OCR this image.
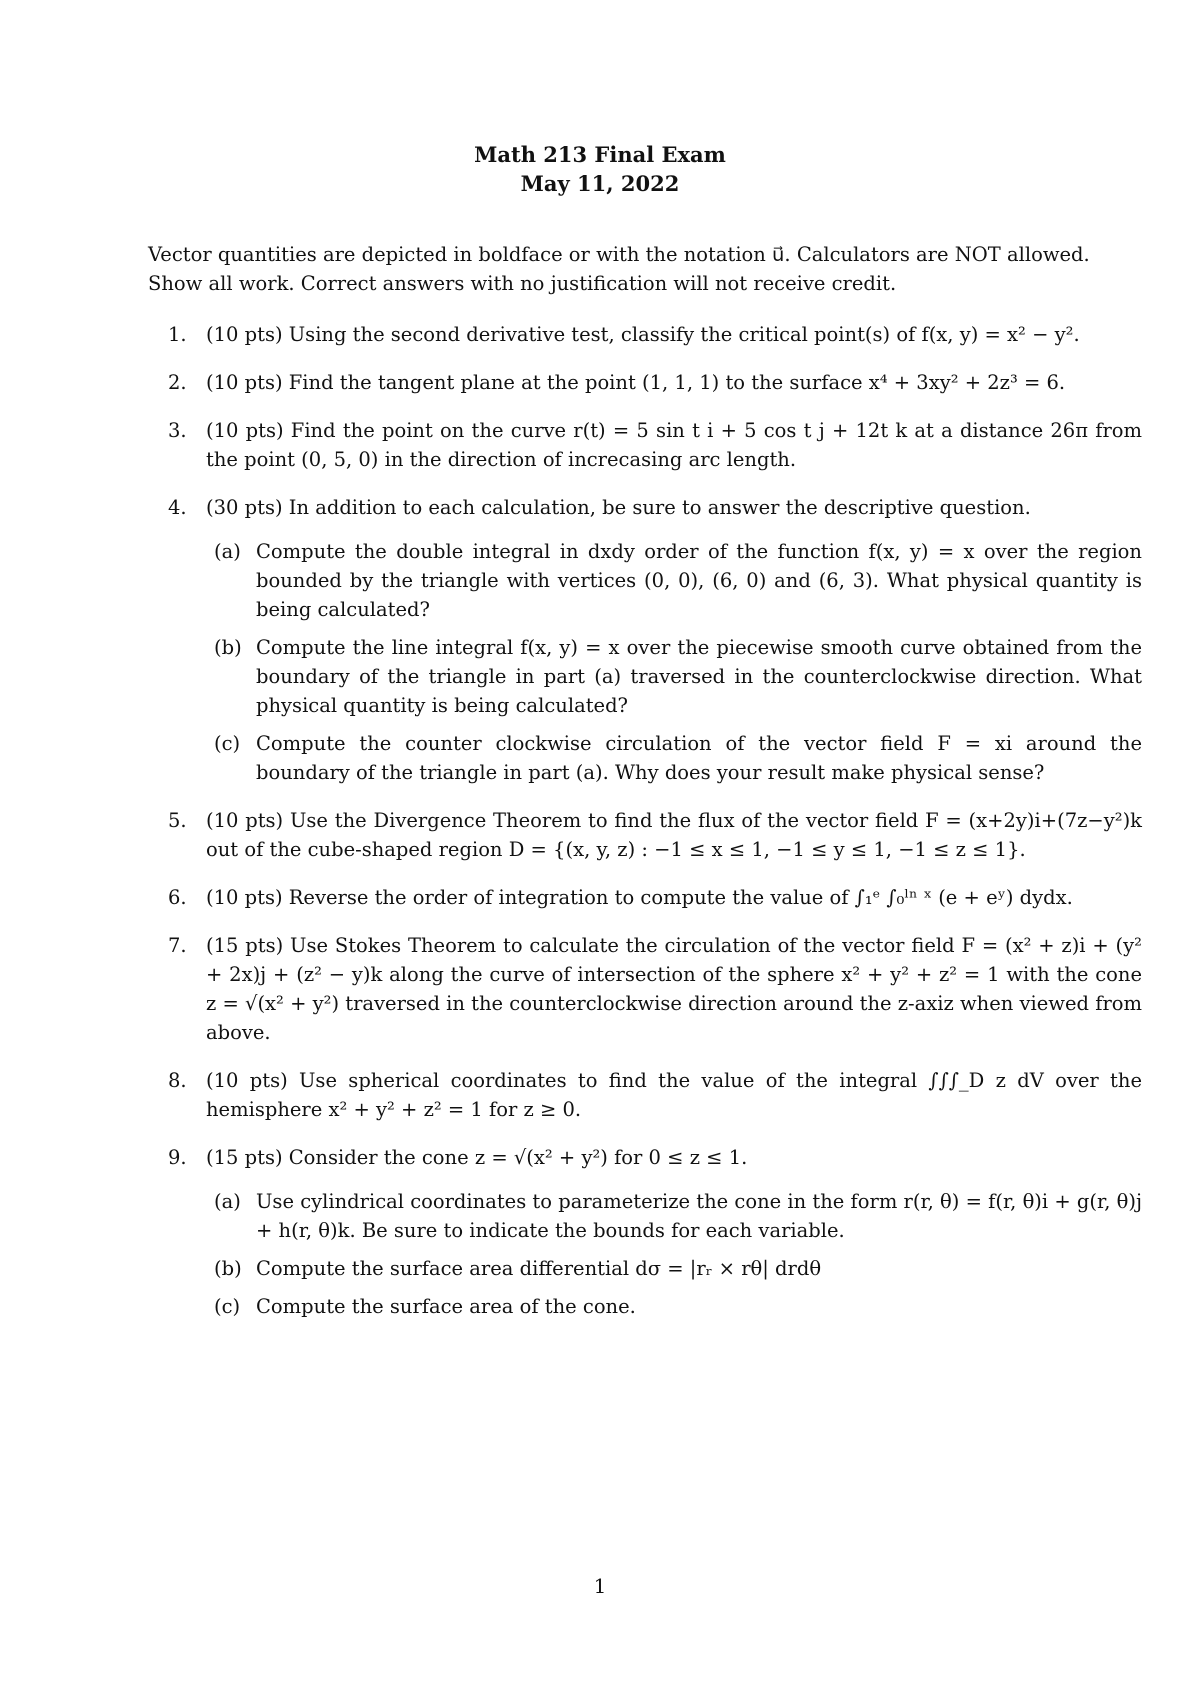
Math 213 Final Exam
May 11, 2022

Vector quantities are depicted in boldface or with the notation u⃗. Calculators are NOT allowed. Show all work. Correct answers with no justification will not receive credit.

1. (10 pts) Using the second derivative test, classify the critical point(s) of f(x, y) = x² − y².
2. (10 pts) Find the tangent plane at the point (1, 1, 1) to the surface x⁴ + 3xy² + 2z³ = 6.
3. (10 pts) Find the point on the curve r(t) = 5 sin t i + 5 cos t j + 12t k at a distance 26π from the point (0, 5, 0) in the direction of increcasing arc length.
4. (30 pts) In addition to each calculation, be sure to answer the descriptive question.
(a) Compute the double integral in dxdy order of the function f(x, y) = x over the region bounded by the triangle with vertices (0, 0), (6, 0) and (6, 3). What physical quantity is being calculated?
(b) Compute the line integral f(x, y) = x over the piecewise smooth curve obtained from the boundary of the triangle in part (a) traversed in the counterclockwise direction. What physical quantity is being calculated?
(c) Compute the counter clockwise circulation of the vector field F = xi around the boundary of the triangle in part (a). Why does your result make physical sense?
5. (10 pts) Use the Divergence Theorem to find the flux of the vector field F = (x+2y)i+(7z−y²)k out of the cube-shaped region D = {(x, y, z) : −1 ≤ x ≤ 1, −1 ≤ y ≤ 1, −1 ≤ z ≤ 1}.
6. (10 pts) Reverse the order of integration to compute the value of ∫₁ᵉ ∫₀ˡⁿ ˣ (e + eʸ) dydx.
7. (15 pts) Use Stokes Theorem to calculate the circulation of the vector field F = (x² + z)i + (y² + 2x)j + (z² − y)k along the curve of intersection of the sphere x² + y² + z² = 1 with the cone z = √(x² + y²) traversed in the counterclockwise direction around the z-axiz when viewed from above.
8. (10 pts) Use spherical coordinates to find the value of the integral ∫∫∫_D z dV over the hemisphere x² + y² + z² = 1 for z ≥ 0.
9. (15 pts) Consider the cone z = √(x² + y²) for 0 ≤ z ≤ 1.
(a) Use cylindrical coordinates to parameterize the cone in the form r(r, θ) = f(r, θ)i + g(r, θ)j + h(r, θ)k. Be sure to indicate the bounds for each variable.
(b) Compute the surface area differential dσ = |rᵣ × rθ| drdθ
(c) Compute the surface area of the cone.
1
